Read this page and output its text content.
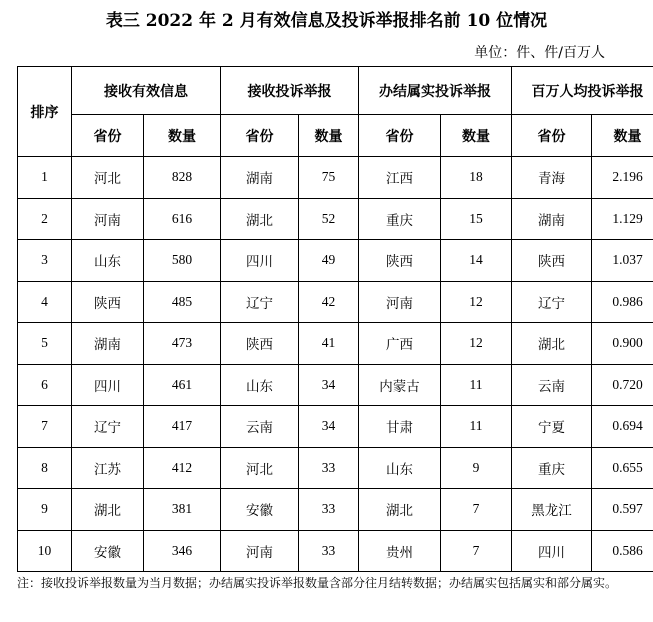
表三 2022 年 2 月有效信息及投诉举报排名前 10 位情况
单位：件、件/百万人
排序	接收有效信息		接收投诉举报		办结属实投诉举报		百万人均投诉举报	
	省份	数量	省份	数量	省份	数量	省份	数量
1	河北	828	湖南	75	江西	18	青海	2.196
2	河南	616	湖北	52	重庆	15	湖南	1.129
3	山东	580	四川	49	陕西	14	陕西	1.037
4	陕西	485	辽宁	42	河南	12	辽宁	0.986
5	湖南	473	陕西	41	广西	12	湖北	0.900
6	四川	461	山东	34	内蒙古	11	云南	0.720
7	辽宁	417	云南	34	甘肃	11	宁夏	0.694
8	江苏	412	河北	33	山东	9	重庆	0.655
9	湖北	381	安徽	33	湖北	7	黑龙江	0.597
10	安徽	346	河南	33	贵州	7	四川	0.586
注：接收投诉举报数量为当月数据；办结属实投诉举报数量含部分往月结转数据；办结属实包括属实和部分属实。
